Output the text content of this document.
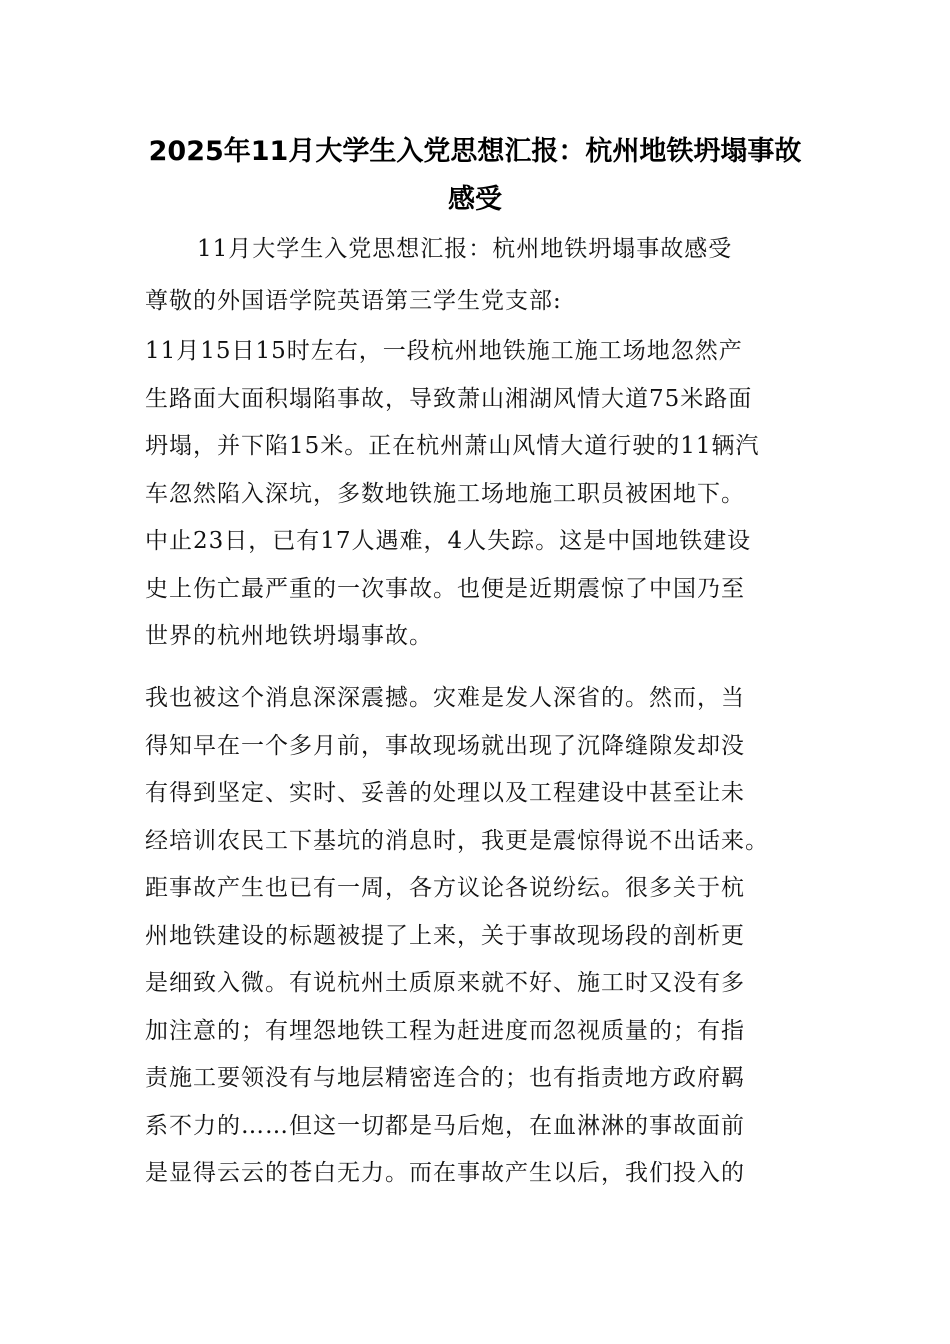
2025年11月大学生入党思想汇报：杭州地铁坍塌事故感受
11月大学生入党思想汇报：杭州地铁坍塌事故感受
尊敬的外国语学院英语第三学生党支部:
11月15日15时左右，一段杭州地铁施工施工场地忽然产
生路面大面积塌陷事故，导致萧山湘湖风情大道75米路面
坍塌，并下陷15米。正在杭州萧山风情大道行驶的11辆汽
车忽然陷入深坑，多数地铁施工场地施工职员被困地下。
中止23日，已有17人遇难，4人失踪。这是中国地铁建设
史上伤亡最严重的一次事故。也便是近期震惊了中国乃至
世界的杭州地铁坍塌事故。
我也被这个消息深深震撼。灾难是发人深省的。然而，当
得知早在一个多月前，事故现场就出现了沉降缝隙发却没
有得到坚定、实时、妥善的处理以及工程建设中甚至让未
经培训农民工下基坑的消息时，我更是震惊得说不出话来。
距事故产生也已有一周，各方议论各说纷纭。很多关于杭
州地铁建设的标题被提了上来，关于事故现场段的剖析更
是细致入微。有说杭州土质原来就不好、施工时又没有多
加注意的；有埋怨地铁工程为赶进度而忽视质量的；有指
责施工要领没有与地层精密连合的；也有指责地方政府羁
系不力的……但这一切都是马后炮，在血淋淋的事故面前
是显得云云的苍白无力。而在事故产生以后，我们投入的
